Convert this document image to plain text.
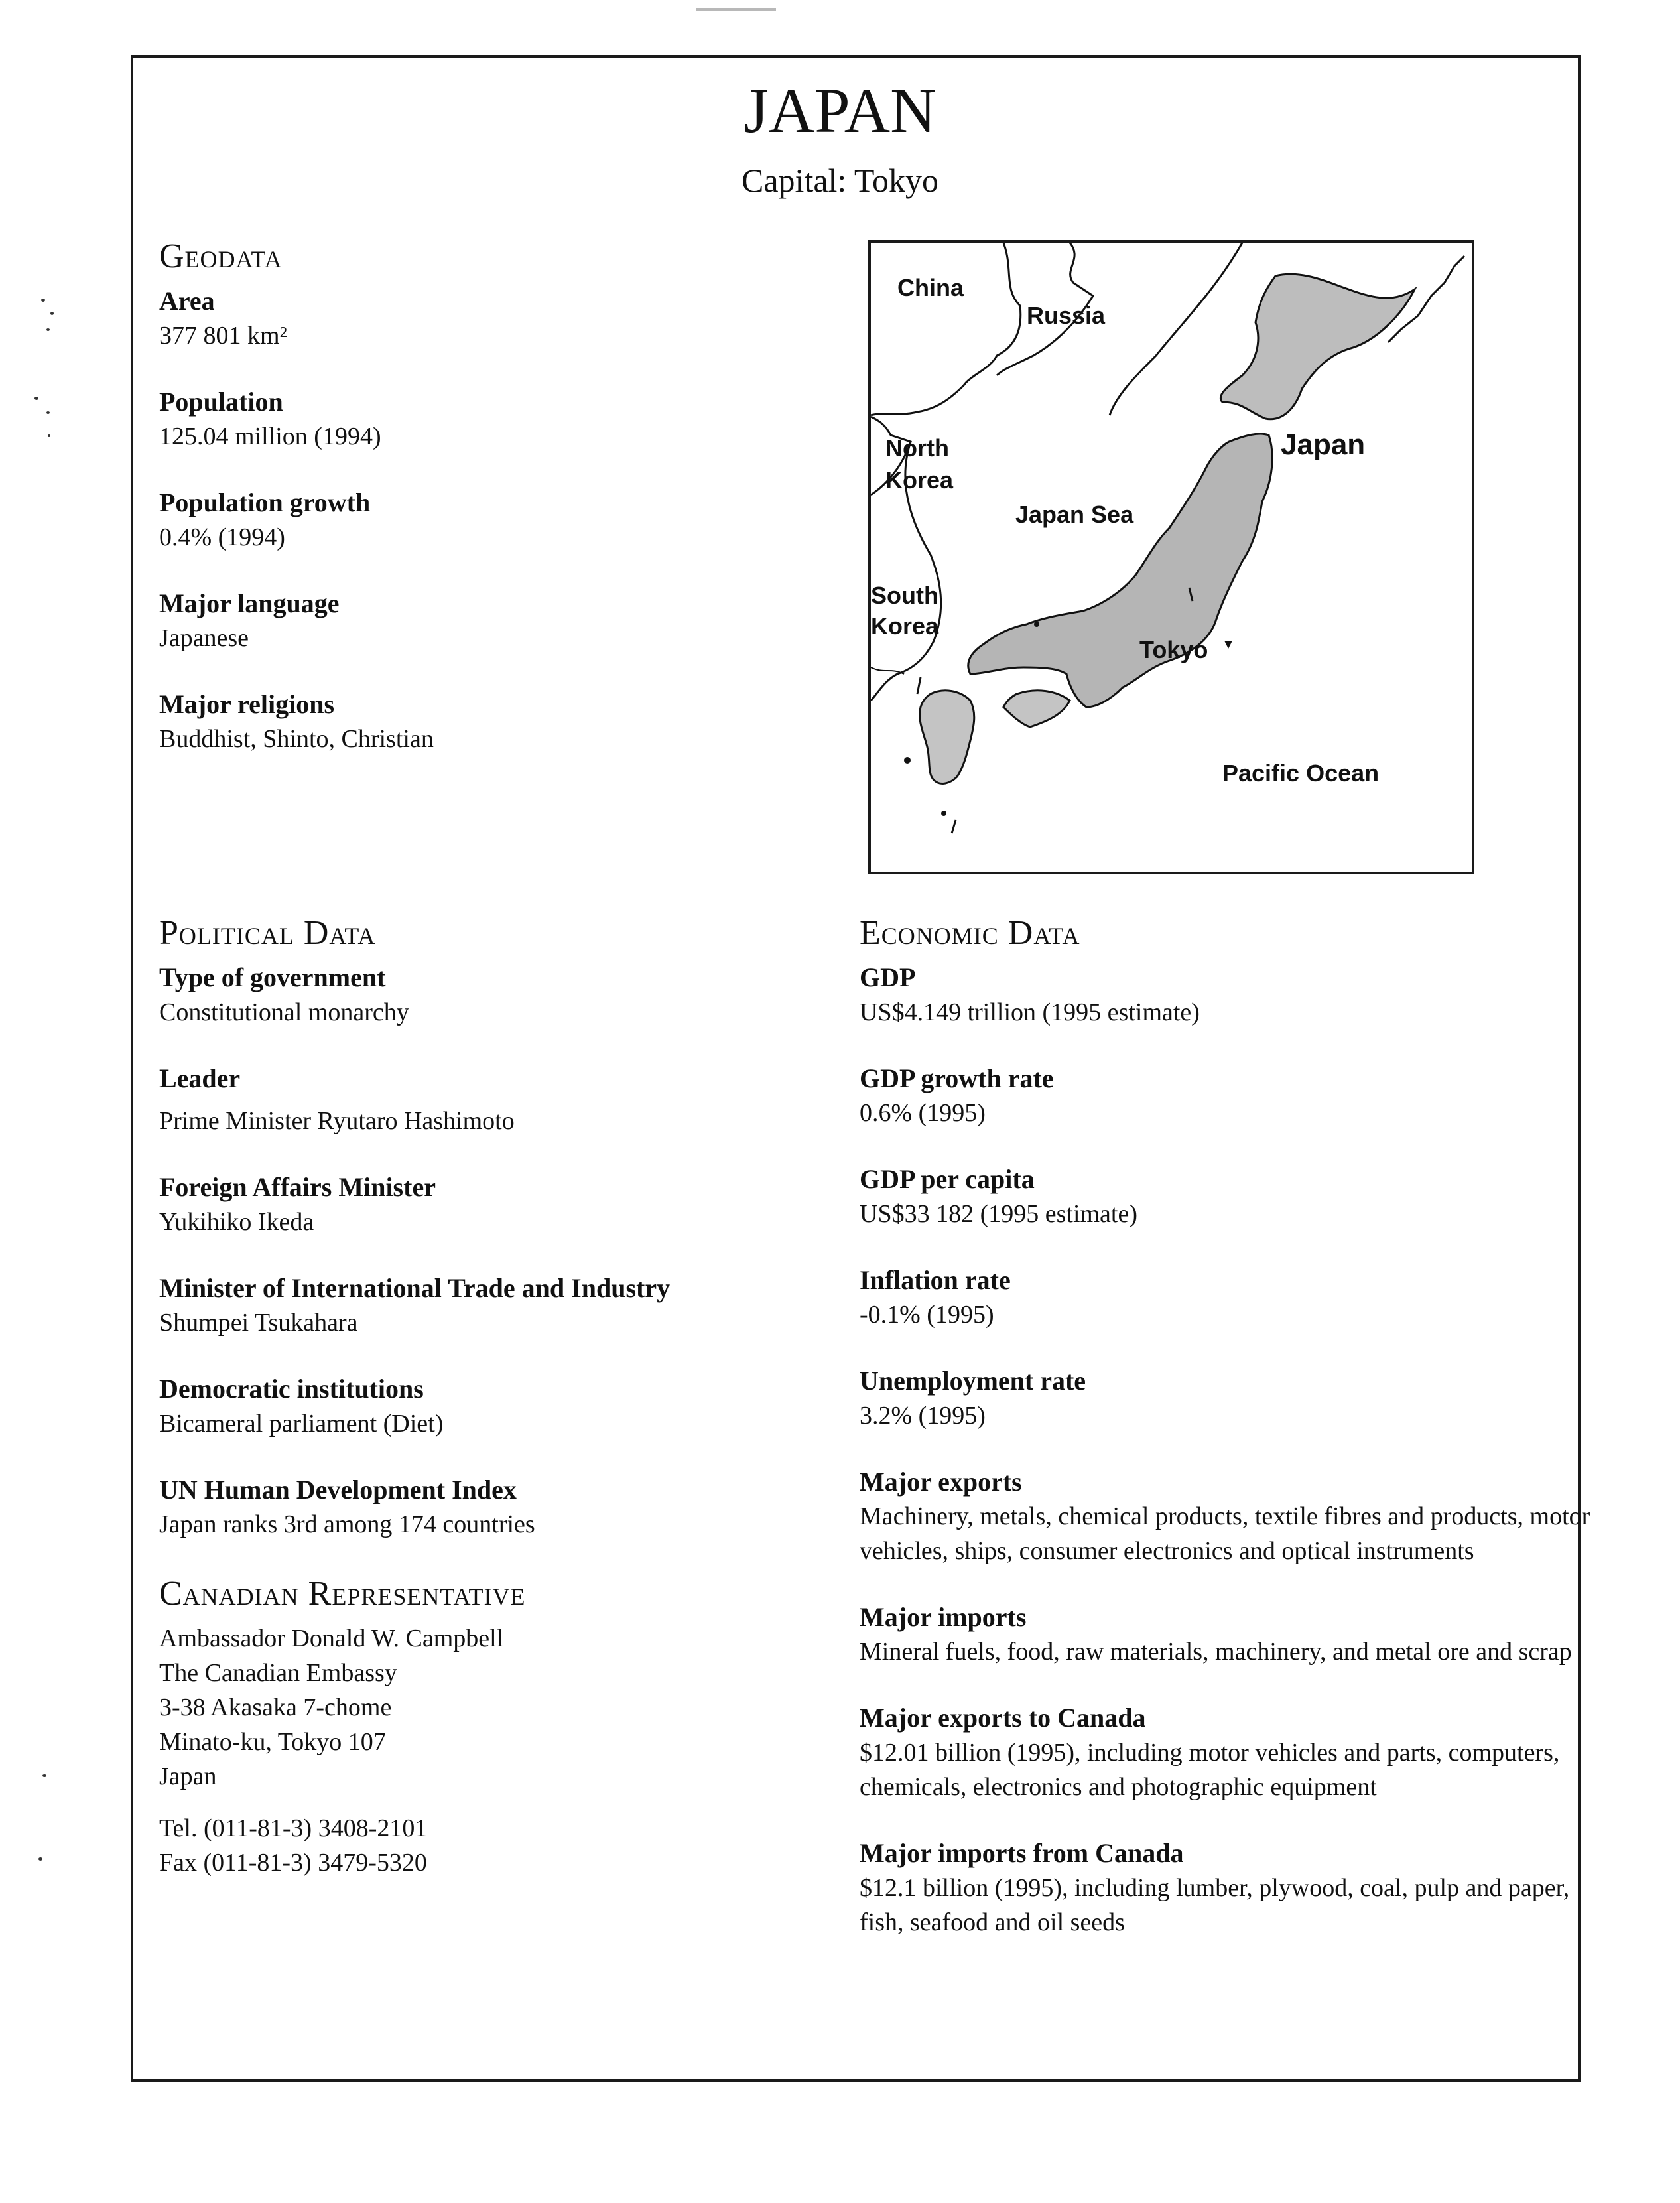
JAPAN
Capital: Tokyo
Geodata
Area
377 801 km²
Population
125.04 million (1994)
Population growth
0.4% (1994)
Major language
Japanese
Major religions
Buddhist, Shinto, Christian
China
Russia
North
Korea
Japan
Japan Sea
South
Korea
Tokyo
Pacific Ocean
Political Data
Type of government
Constitutional monarchy
Leader
Prime Minister Ryutaro Hashimoto
Foreign Affairs Minister
Yukihiko Ikeda
Minister of International Trade and Industry
Shumpei Tsukahara
Democratic institutions
Bicameral parliament (Diet)
UN Human Development Index
Japan ranks 3rd among 174 countries
Canadian Representative
Ambassador Donald W. Campbell
The Canadian Embassy
3-38 Akasaka 7-chome
Minato-ku, Tokyo 107
Japan
Tel. (011-81-3) 3408-2101
Fax (011-81-3) 3479-5320
Economic Data
GDP
US$4.149 trillion (1995 estimate)
GDP growth rate
0.6% (1995)
GDP per capita
US$33 182 (1995 estimate)
Inflation rate
-0.1% (1995)
Unemployment rate
3.2% (1995)
Major exports
Machinery, metals, chemical products, textile fibres and products, motor vehicles, ships, consumer electronics and optical instruments
Major imports
Mineral fuels, food, raw materials, machinery, and metal ore and scrap
Major exports to Canada
$12.01 billion (1995), including motor vehicles and parts, computers, chemicals, electronics and photographic equipment
Major imports from Canada
$12.1 billion (1995), including lumber, plywood, coal, pulp and paper, fish, seafood and oil seeds
